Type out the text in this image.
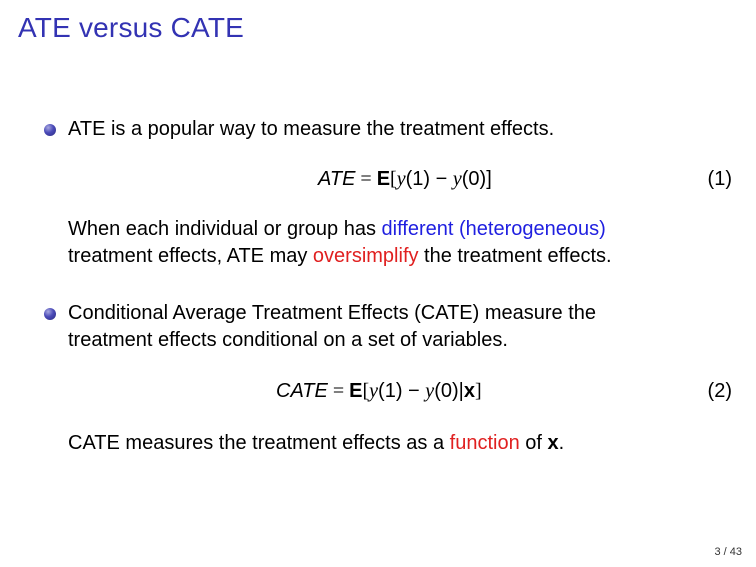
ATE versus CATE
ATE is a popular way to measure the treatment effects.
ATE = E[y(1) − y(0)]	(1)
When each individual or group has different (heterogeneous)
treatment effects, ATE may oversimplify the treatment effects.
Conditional Average Treatment Effects (CATE) measure the
treatment effects conditional on a set of variables.
CATE = E[y(1) − y(0)|x]	(2)
CATE measures the treatment effects as a function of x.
3 / 43
